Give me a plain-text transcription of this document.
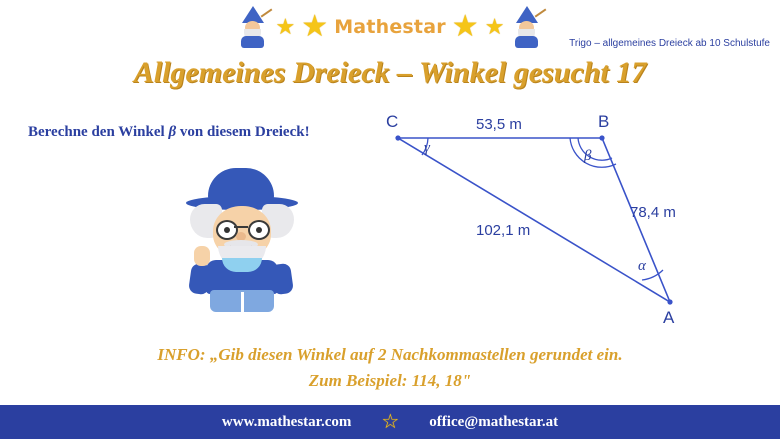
★ ★ Mathestar ★ ★
Trigo – allgemeines Dreieck ab 10 Schulstufe
Allgemeines Dreieck – Winkel gesucht 17
Berechne den Winkel β von diesem Dreieck!
C	B
A
γ	β
α
53,5 m
78,4 m
102,1 m
INFO: „Gib diesen Winkel auf 2 Nachkommastellen gerundet ein.
Zum Beispiel: 114, 18"
www.mathestar.com ☆ office@mathestar.at
